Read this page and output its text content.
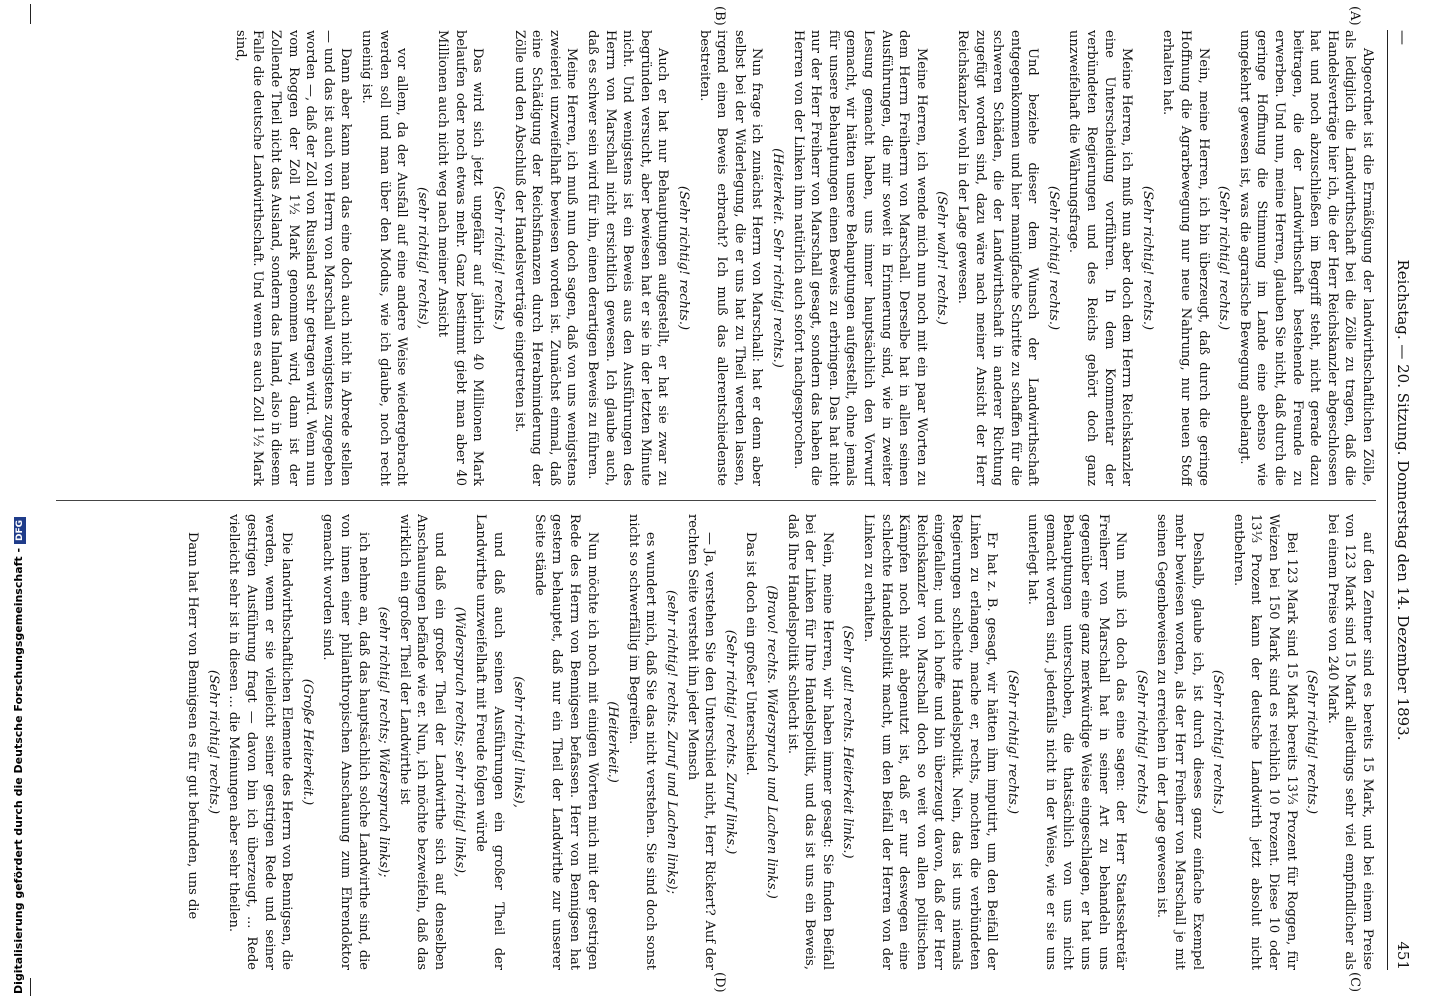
Digitalisierung gefördert durch die Deutsche Forschungsgemeinschaft -DFG
—
Reichstag. — 20. Sitzung. Donnerstag den 14. Dezember 1893.
451
(A)
(B)
(C)
(D)

Abgeordnet ist die Ermäßigung der landwirthschaftlichen Zölle, als lediglich die Landwirthschaft bei die Zölle zu tragen, daß die Handelsverträge hier ich, die der Herr Reichskanzler abgeschlossen hat und noch abzuschließen im Begriff steht, nicht gerade dazu beitragen, die der Landwirthschaft bestehende Freunde zu erwerben. Und nun, meine Herren, glauben Sie nicht, daß durch die geringe Hoffnung die Stimmung im Lande eine ebenso wie umgekehrt gewesen ist, was die agrarische Bewegung anbelangt.

(Sehr richtig! rechts.)

Nein, meine Herren, ich bin überzeugt, daß durch die geringe Hoffnung die Agrarbewegung nur neue Nahrung, nur neuen Stoff erhalten hat.

(Sehr richtig! rechts.)

Meine Herren, ich muß nun aber doch dem Herrn Reichskanzler eine Unterscheidung vorführen. In dem Kommentar der verbündeten Regierungen und des Reichs gehört doch ganz unzweifelhaft die Währungsfrage.

(Sehr richtig! rechts.)

Und beziehe dieser dem Wunsch der Landwirthschaft entgegenkommen und hier mannigfache Schritte zu schaffen für die schweren Schäden, die der Landwirthschaft in anderer Richtung zugefügt worden sind, dazu wäre nach meiner Ansicht der Herr Reichskanzler wohl in der Lage gewesen.

(Sehr wahr! rechts.)

Meine Herren, ich wende mich nun noch mit ein paar Worten zu dem Herrn Freiherrn von Marschall. Derselbe hat in allen seinen Ausführungen, die mir soweit in Erinnerung sind, wie in zweiter Lesung gemacht haben, uns immer hauptsächlich den Vorwurf gemacht, wir hätten unsere Behauptungen aufgestellt, ohne jemals für unsere Behauptungen einen Beweis zu erbringen. Das hat nicht nur der Herr Freiherr von Marschall gesagt, sondern das haben die Herren von der Linken ihm natürlich auch sofort nachgesprochen.

(Heiterkeit. Sehr richtig! rechts.)

Nun frage ich zunächst Herrn von Marschall: hat er denn aber selbst bei der Widerlegung, die er uns hat zu Theil werden lassen, irgend einen Beweis erbracht? Ich muß das allerentschiedenste bestreiten.

(Sehr richtig! rechts.)

Auch er hat nur Behauptungen aufgestellt, er hat sie zwar zu begründen versucht, aber bewiesen hat er sie in der letzten Minute nicht. Und wenigstens ist ein Beweis aus den Ausführungen des Herrn von Marschall nicht ersichtlich gewesen. Ich glaube auch, daß es schwer sein wird für ihn, einen derartigen Beweis zu führen.

Meine Herren, ich muß nun doch sagen, daß von uns wenigstens zweierlei unzweifelhaft bewiesen worden ist. Zunächst einmal, daß eine Schädigung der Reichsfinanzen durch Herabminderung der Zölle und den Abschluß der Handelsverträge eingetreten ist.

(Sehr richtig! rechts.)

Das wird sich jetzt ungefähr auf jährlich 40 Millionen Mark belaufen oder noch etwas mehr. Ganz bestimmt giebt man aber 40 Millionen auch nicht weg nach meiner Ansicht

(sehr richtig! rechts),

vor allem, da der Ausfall auf eine andere Weise wiedergebracht werden soll und man über den Modus, wie ich glaube, noch recht uneinig ist.

Dann aber kann man das eine doch auch nicht in Abrede stellen — und das ist auch von Herrn von Marschall wenigstens zugegeben worden —, daß der Zoll von Russland sehr getragen wird. Wenn nun vom Roggen der Zoll 1½ Mark genommen wird, dann ist der Zollende Theil nicht das Ausland, sondern das Inland, also in diesem Falle die deutsche Landwirthschaft. Und wenn es auch Zoll 1½ Mark sind,

auf den Zentner sind es bereits 15 Mark, und bei einem Preise von 123 Mark sind 15 Mark allerdings sehr viel empfindlicher als bei einem Preise von 240 Mark.

(Sehr richtig! rechts.)

Bei 123 Mark sind 15 Mark bereits 13⅓ Prozent für Roggen, für Weizen bei 150 Mark sind es reichlich 10 Prozent. Diese 10 oder 13⅓ Prozent kann der deutsche Landwirth jetzt absolut nicht entbehren.

(Sehr richtig! rechts.)

Deshalb, glaube ich, ist durch dieses ganz einfache Exempel mehr bewiesen worden, als der Herr Freiherr von Marschall je mit seinen Gegenbeweisen zu erreichen in der Lage gewesen ist.

(Sehr richtig! rechts.)

Nun muß ich doch das eine sagen: der Herr Staatssekretär Freiherr von Marschall hat in seiner Art zu behandeln uns gegenüber eine ganz merkwürdige Weise eingeschlagen, er hat uns Behauptungen unterschoben, die thatsächlich von uns nicht gemacht worden sind, jedenfalls nicht in der Weise, wie er sie uns unterlegt hat.

(Sehr richtig! rechts.)

Er hat z. B. gesagt, wir hätten ihm imputirt, um den Beifall der Linken zu erlangen, mache er, rechts, mochten die verbündeten Regierungen schlechte Handelspolitik. Nein, das ist uns niemals eingefallen; und ich hoffe und bin überzeugt davon, daß der Herr Reichskanzler von Marschall doch so weit von allen politischen Kämpfen noch nicht abgenutzt ist, daß er nur deswegen eine schlechte Handelspolitik macht, um den Beifall der Herren von der Linken zu erhalten.

(Sehr gut! rechts. Heiterkeit links.)

Nein, meine Herren, wir haben immer gesagt: Sie finden Beifall bei der Linken für Ihre Handelspolitik, und das ist uns ein Beweis, daß Ihre Handelspolitik schlecht ist.

(Bravo! rechts. Widerspruch und Lachen links.)

Das ist doch ein großer Unterschied.

(Sehr richtig! rechts. Zuruf links.)

— Ja, verstehen Sie den Unterschied nicht, Herr Rickert? Auf der rechten Seite versteht ihn jeder Mensch

(sehr richtig! rechts. Zuruf und Lachen links);

es wundert mich, daß Sie das nicht verstehen. Sie sind doch sonst nicht so schwerfällig im Begreifen.

(Heiterkeit.)

Nun möchte ich noch mit einigen Worten mich mit der gestrigen Rede des Herrn von Bennigsen befassen. Herr von Bennigsen hat gestern behauptet, daß nur ein Theil der Landwirthe zur unserer Seite stände

(sehr richtig! links),

und daß auch seinen Ausführungen ein großer Theil der Landwirthe unzweifelhaft mit Freude folgen würde

(Widerspruch rechts; sehr richtig! links),

und daß ein großer Theil der Landwirthe sich auf denselben Anschauungen befände wie er. Nun, ich möchte bezweifeln, daß das wirklich ein großer Theil der Landwirthe ist

(sehr richtig! rechts; Widerspruch links);

ich nehme an, daß das hauptsächlich solche Landwirthe sind, die von innen einer philanthropischen Anschauung zum Ehrendoktor gemacht worden sind.

(Große Heiterkeit.)

Die landwirthschaftlichen Elemente des Herrn von Bennigsen, die werden, wenn er sie vielleicht seiner gestrigen Rede und seiner gestrigen Ausführung fragt — davon bin ich überzeugt, ... Rede vielleicht sehr ist in diesen ... die Meinungen aber sehr theilen.

(Sehr richtig! rechts.)

Dann hat Herr von Bennigsen es für gut befunden, uns die
